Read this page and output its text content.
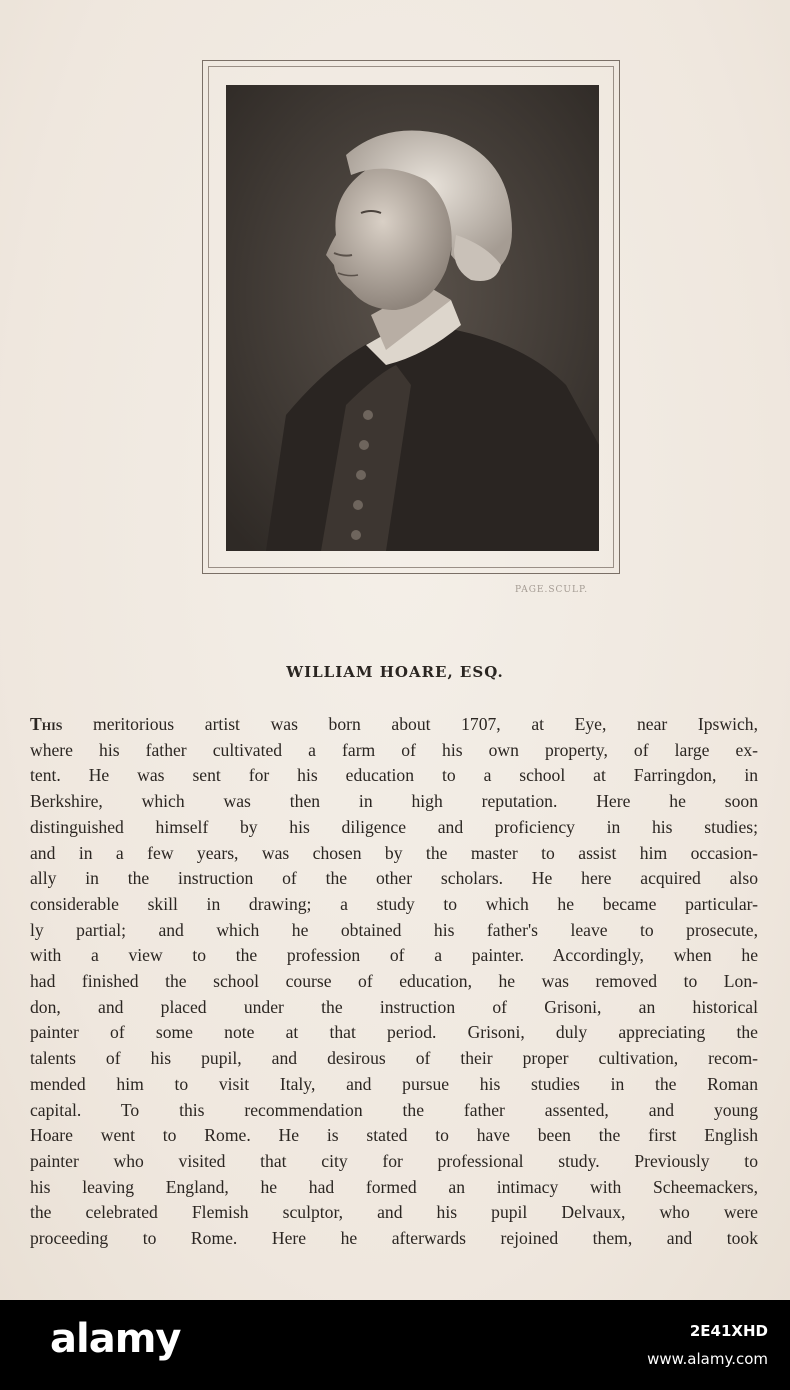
PAGE.SCULP.
WILLIAM HOARE, ESQ.
This meritorious artist was born about 1707, at Eye, near Ipswich,
where his father cultivated a farm of his own property, of large ex-
tent. He was sent for his education to a school at Farringdon, in
Berkshire, which was then in high reputation. Here he soon
distinguished himself by his diligence and proficiency in his studies;
and in a few years, was chosen by the master to assist him occasion-
ally in the instruction of the other scholars. He here acquired also
considerable skill in drawing; a study to which he became particular-
ly partial; and which he obtained his father's leave to prosecute,
with a view to the profession of a painter. Accordingly, when he
had finished the school course of education, he was removed to Lon-
don, and placed under the instruction of Grisoni, an historical
painter of some note at that period. Grisoni, duly appreciating the
talents of his pupil, and desirous of their proper cultivation, recom-
mended him to visit Italy, and pursue his studies in the Roman
capital. To this recommendation the father assented, and young
Hoare went to Rome. He is stated to have been the first English
painter who visited that city for professional study. Previously to
his leaving England, he had formed an intimacy with Scheemackers,
the celebrated Flemish sculptor, and his pupil Delvaux, who were
proceeding to Rome. Here he afterwards rejoined them, and took
alamy	2E41XHD
www.alamy.com
